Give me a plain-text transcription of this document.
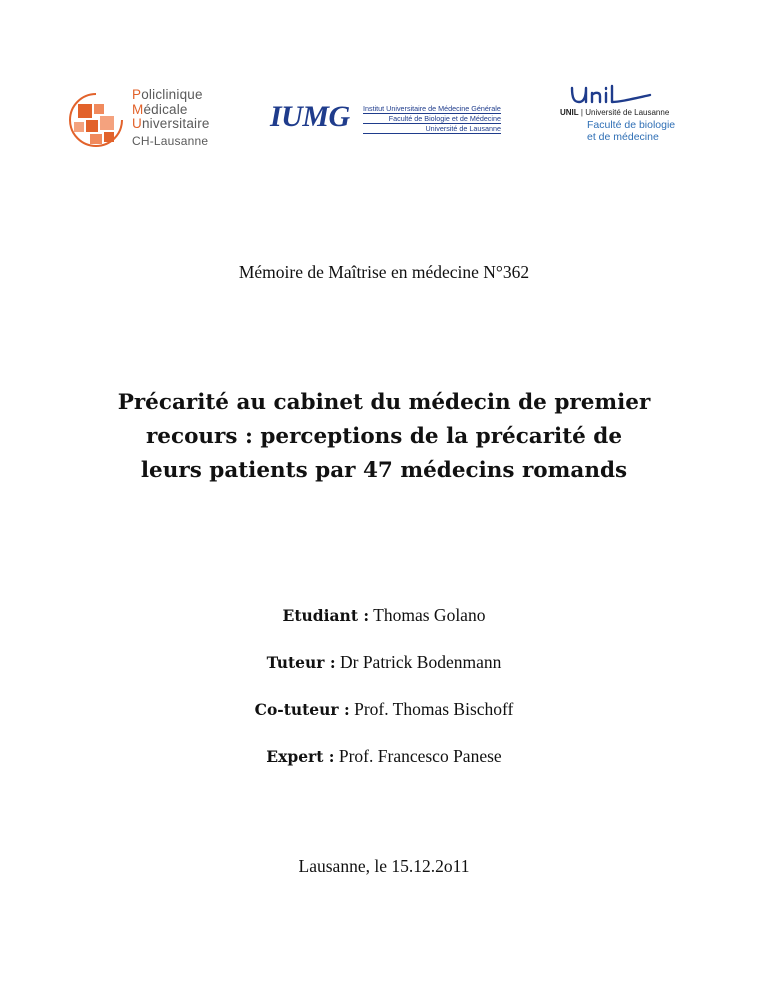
Policlinique
Médicale
Universitaire
CH-Lausanne
IUMG Institut Universitaire de Médecine Générale
Faculté de Biologie et de Médecine
Université de Lausanne
UNIL | Université de Lausanne
Faculté de biologie
et de médecine
Mémoire de Maîtrise en médecine N°362
Précarité au cabinet du médecin de premier
recours : perceptions de la précarité de
leurs patients par 47 médecins romands
Etudiant : Thomas Golano
Tuteur : Dr Patrick Bodenmann
Co-tuteur : Prof. Thomas Bischoff
Expert : Prof. Francesco Panese
Lausanne, le 15.12.2o11
